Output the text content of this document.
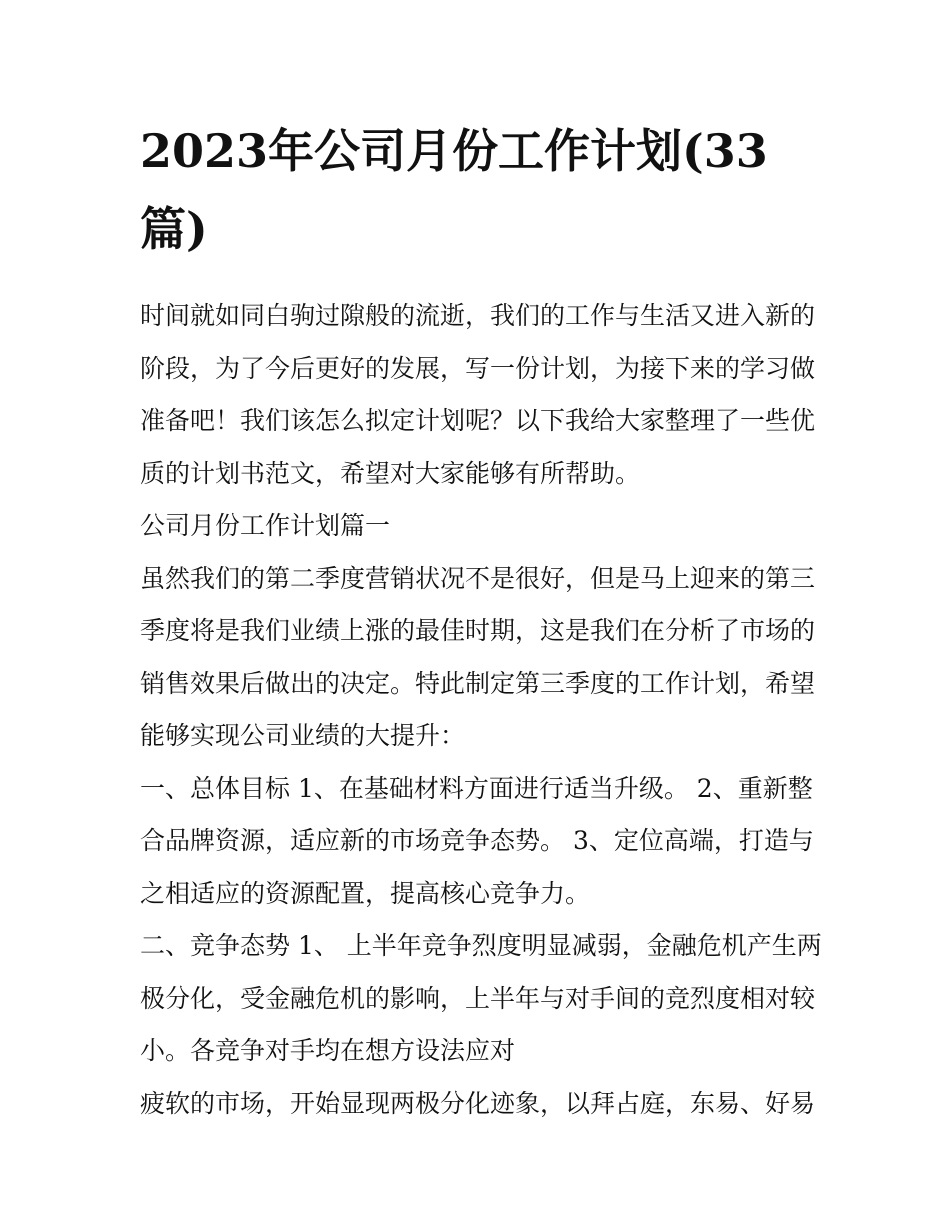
2023年公司月份工作计划(33篇)
时间就如同白驹过隙般的流逝，我们的工作与生活又进入新的
阶段，为了今后更好的发展，写一份计划，为接下来的学习做
准备吧！我们该怎么拟定计划呢？以下我给大家整理了一些优
质的计划书范文，希望对大家能够有所帮助。
公司月份工作计划篇一
虽然我们的第二季度营销状况不是很好，但是马上迎来的第三
季度将是我们业绩上涨的最佳时期，这是我们在分析了市场的
销售效果后做出的决定。特此制定第三季度的工作计划，希望
能够实现公司业绩的大提升：
一、总体目标 1、在基础材料方面进行适当升级。 2、重新整
合品牌资源，适应新的市场竞争态势。 3、定位高端，打造与
之相适应的资源配置，提高核心竞争力。
二、竞争态势 1、 上半年竞争烈度明显减弱，金融危机产生两
极分化，受金融危机的影响，上半年与对手间的竞烈度相对较
小。各竞争对手均在想方设法应对
疲软的市场，开始显现两极分化迹象，以拜占庭，东易、好易
